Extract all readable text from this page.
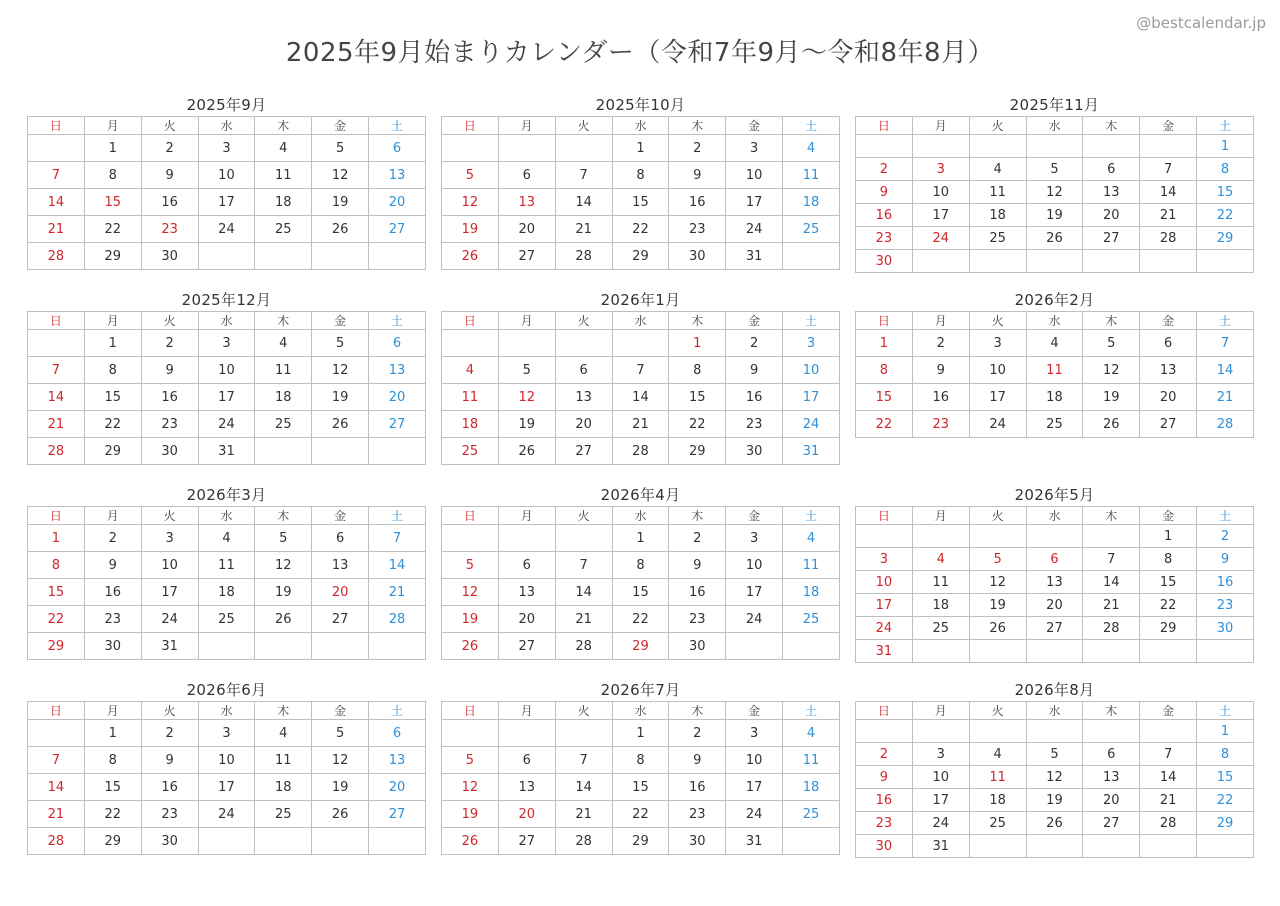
@bestcalendar.jp
2025年9月始まりカレンダー（令和7年9月〜令和8年8月）
2025年9月
日	月	火	水	木	金	土
	1	2	3	4	5	6
7	8	9	10	11	12	13
14	15	16	17	18	19	20
21	22	23	24	25	26	27
28	29	30				
2025年10月
日	月	火	水	木	金	土
			1	2	3	4
5	6	7	8	9	10	11
12	13	14	15	16	17	18
19	20	21	22	23	24	25
26	27	28	29	30	31	
2025年11月
日	月	火	水	木	金	土
						1
2	3	4	5	6	7	8
9	10	11	12	13	14	15
16	17	18	19	20	21	22
23	24	25	26	27	28	29
30						
2025年12月
日	月	火	水	木	金	土
	1	2	3	4	5	6
7	8	9	10	11	12	13
14	15	16	17	18	19	20
21	22	23	24	25	26	27
28	29	30	31			
2026年1月
日	月	火	水	木	金	土
				1	2	3
4	5	6	7	8	9	10
11	12	13	14	15	16	17
18	19	20	21	22	23	24
25	26	27	28	29	30	31
2026年2月
日	月	火	水	木	金	土
1	2	3	4	5	6	7
8	9	10	11	12	13	14
15	16	17	18	19	20	21
22	23	24	25	26	27	28
2026年3月
日	月	火	水	木	金	土
1	2	3	4	5	6	7
8	9	10	11	12	13	14
15	16	17	18	19	20	21
22	23	24	25	26	27	28
29	30	31				
2026年4月
日	月	火	水	木	金	土
			1	2	3	4
5	6	7	8	9	10	11
12	13	14	15	16	17	18
19	20	21	22	23	24	25
26	27	28	29	30		
2026年5月
日	月	火	水	木	金	土
					1	2
3	4	5	6	7	8	9
10	11	12	13	14	15	16
17	18	19	20	21	22	23
24	25	26	27	28	29	30
31						
2026年6月
日	月	火	水	木	金	土
	1	2	3	4	5	6
7	8	9	10	11	12	13
14	15	16	17	18	19	20
21	22	23	24	25	26	27
28	29	30				
2026年7月
日	月	火	水	木	金	土
			1	2	3	4
5	6	7	8	9	10	11
12	13	14	15	16	17	18
19	20	21	22	23	24	25
26	27	28	29	30	31	
2026年8月
日	月	火	水	木	金	土
						1
2	3	4	5	6	7	8
9	10	11	12	13	14	15
16	17	18	19	20	21	22
23	24	25	26	27	28	29
30	31					
